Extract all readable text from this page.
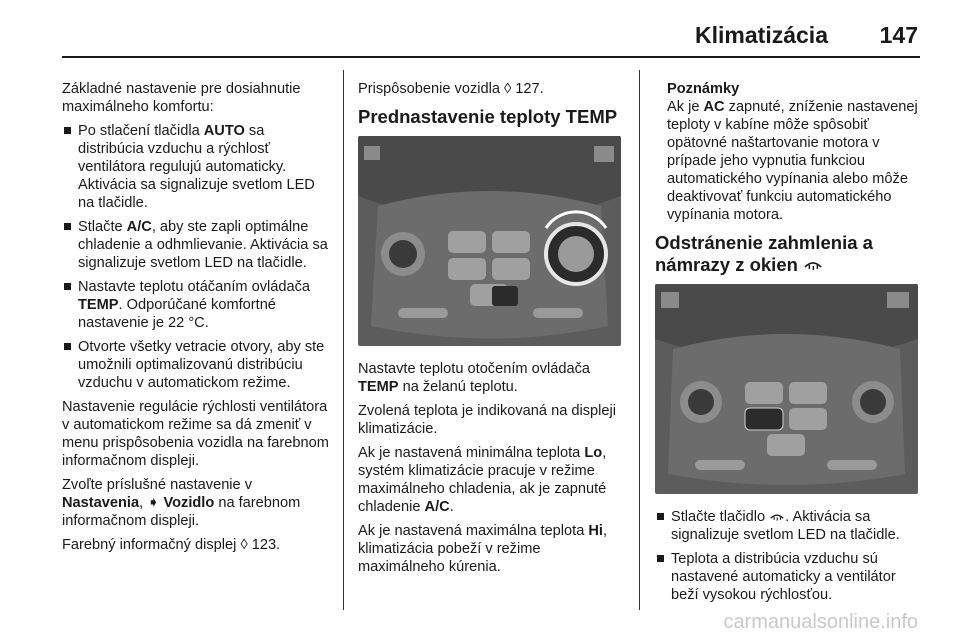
Klimatizácia 147

Základné nastavenie pre dosiahnutie maximálneho komfortu:

Po stlačení tlačidla AUTO sa distribúcia vzduchu a rýchlosť ventilátora regulujú automaticky. Aktivácia sa signalizuje svetlom LED na tlačidle.
Stlačte A/C, aby ste zapli optimálne chladenie a odhmlievanie. Aktivácia sa signalizuje svetlom LED na tlačidle.
Nastavte teplotu otáčaním ovládača TEMP. Odporúčané komfortné nastavenie je 22 °C.
Otvorte všetky vetracie otvory, aby ste umožnili optimalizovanú distribúciu vzduchu v automatickom režime.

Nastavenie regulácie rýchlosti ventilátora v automatickom režime sa dá zmeniť v menu prispôsobenia vozidla na farebnom informačnom displeji.

Zvoľte príslušné nastavenie v Nastavenia, ➧ Vozidlo na farebnom informačnom displeji.

Farebný informačný displej ◊ 123.

Prispôsobenie vozidla ◊ 127.

Prednastavenie teploty TEMP

Nastavte teplotu otočením ovládača TEMP na želanú teplotu.

Zvolená teplota je indikovaná na displeji klimatizácie.

Ak je nastavená minimálna teplota Lo, systém klimatizácie pracuje v režime maximálneho chladenia, ak je zapnuté chladenie A/C.

Ak je nastavená maximálna teplota Hi, klimatizácia pobeží v režime maximálneho kúrenia.

Poznámky

Ak je AC zapnuté, zníženie nastavenej teploty v kabíne môže spôsobiť opätovné naštartovanie motora v prípade jeho vypnutia funkciou automatického vypínania alebo môže deaktivovať funkciu automatického vypínania motora.

Odstránenie zahmlenia a námrazy z okien
Stlačte tlačidlo . Aktivácia sa signalizuje svetlom LED na tlačidle.
Teplota a distribúcia vzduchu sú nastavené automaticky a ventilátor beží vysokou rýchlosťou.
carmanualsonline.info
